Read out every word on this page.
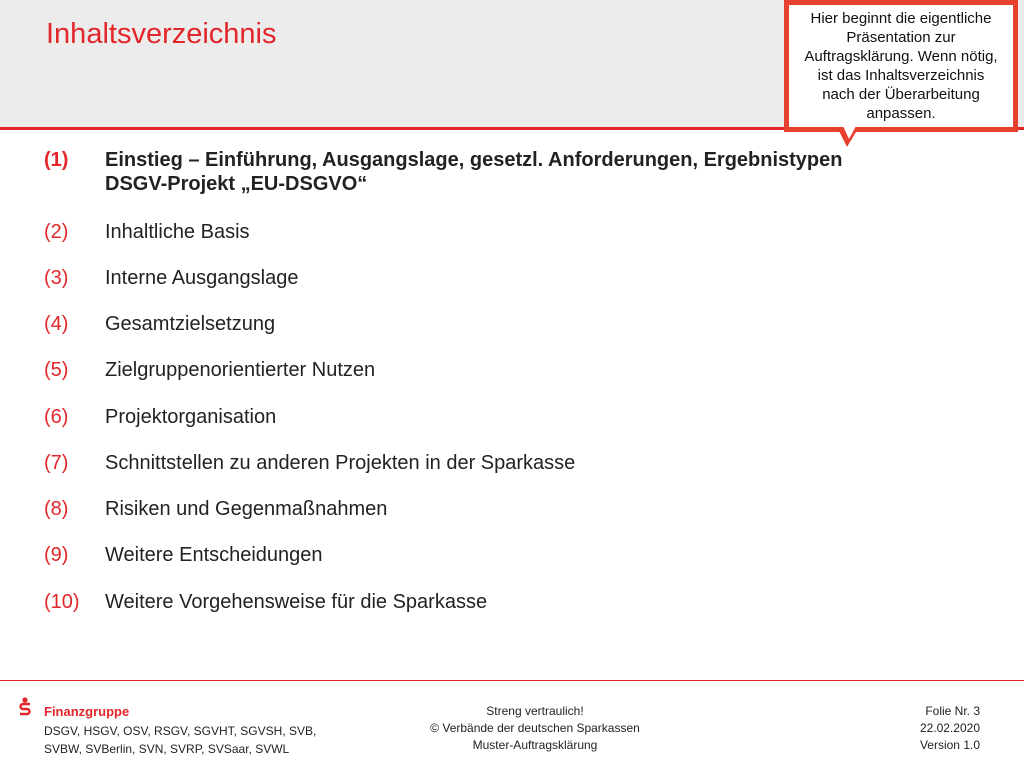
Inhaltsverzeichnis	Hier beginnt die eigentliche
Präsentation zur
Auftragsklärung. Wenn nötig,
ist das Inhaltsverzeichnis
nach der Überarbeitung
anpassen.
(1)	Einstieg – Einführung, Ausgangslage, gesetzl. Anforderungen, Ergebnistypen
DSGV-Projekt „EU-DSGVO“
(2)	Inhaltliche Basis
(3)	Interne Ausgangslage
(4)	Gesamtzielsetzung
(5)	Zielgruppenorientierter Nutzen
(6)	Projektorganisation
(7)	Schnittstellen zu anderen Projekten in der Sparkasse
(8)	Risiken und Gegenmaßnahmen
(9)	Weitere Entscheidungen
(10)	Weitere Vorgehensweise für die Sparkasse
Finanzgruppe
DSGV, HSGV, OSV, RSGV, SGVHT, SGVSH, SVB,
SVBW, SVBerlin, SVN, SVRP, SVSaar, SVWL
Streng vertraulich!
© Verbände der deutschen Sparkassen
Muster-Auftragsklärung
Folie Nr. 3
22.02.2020
Version 1.0
